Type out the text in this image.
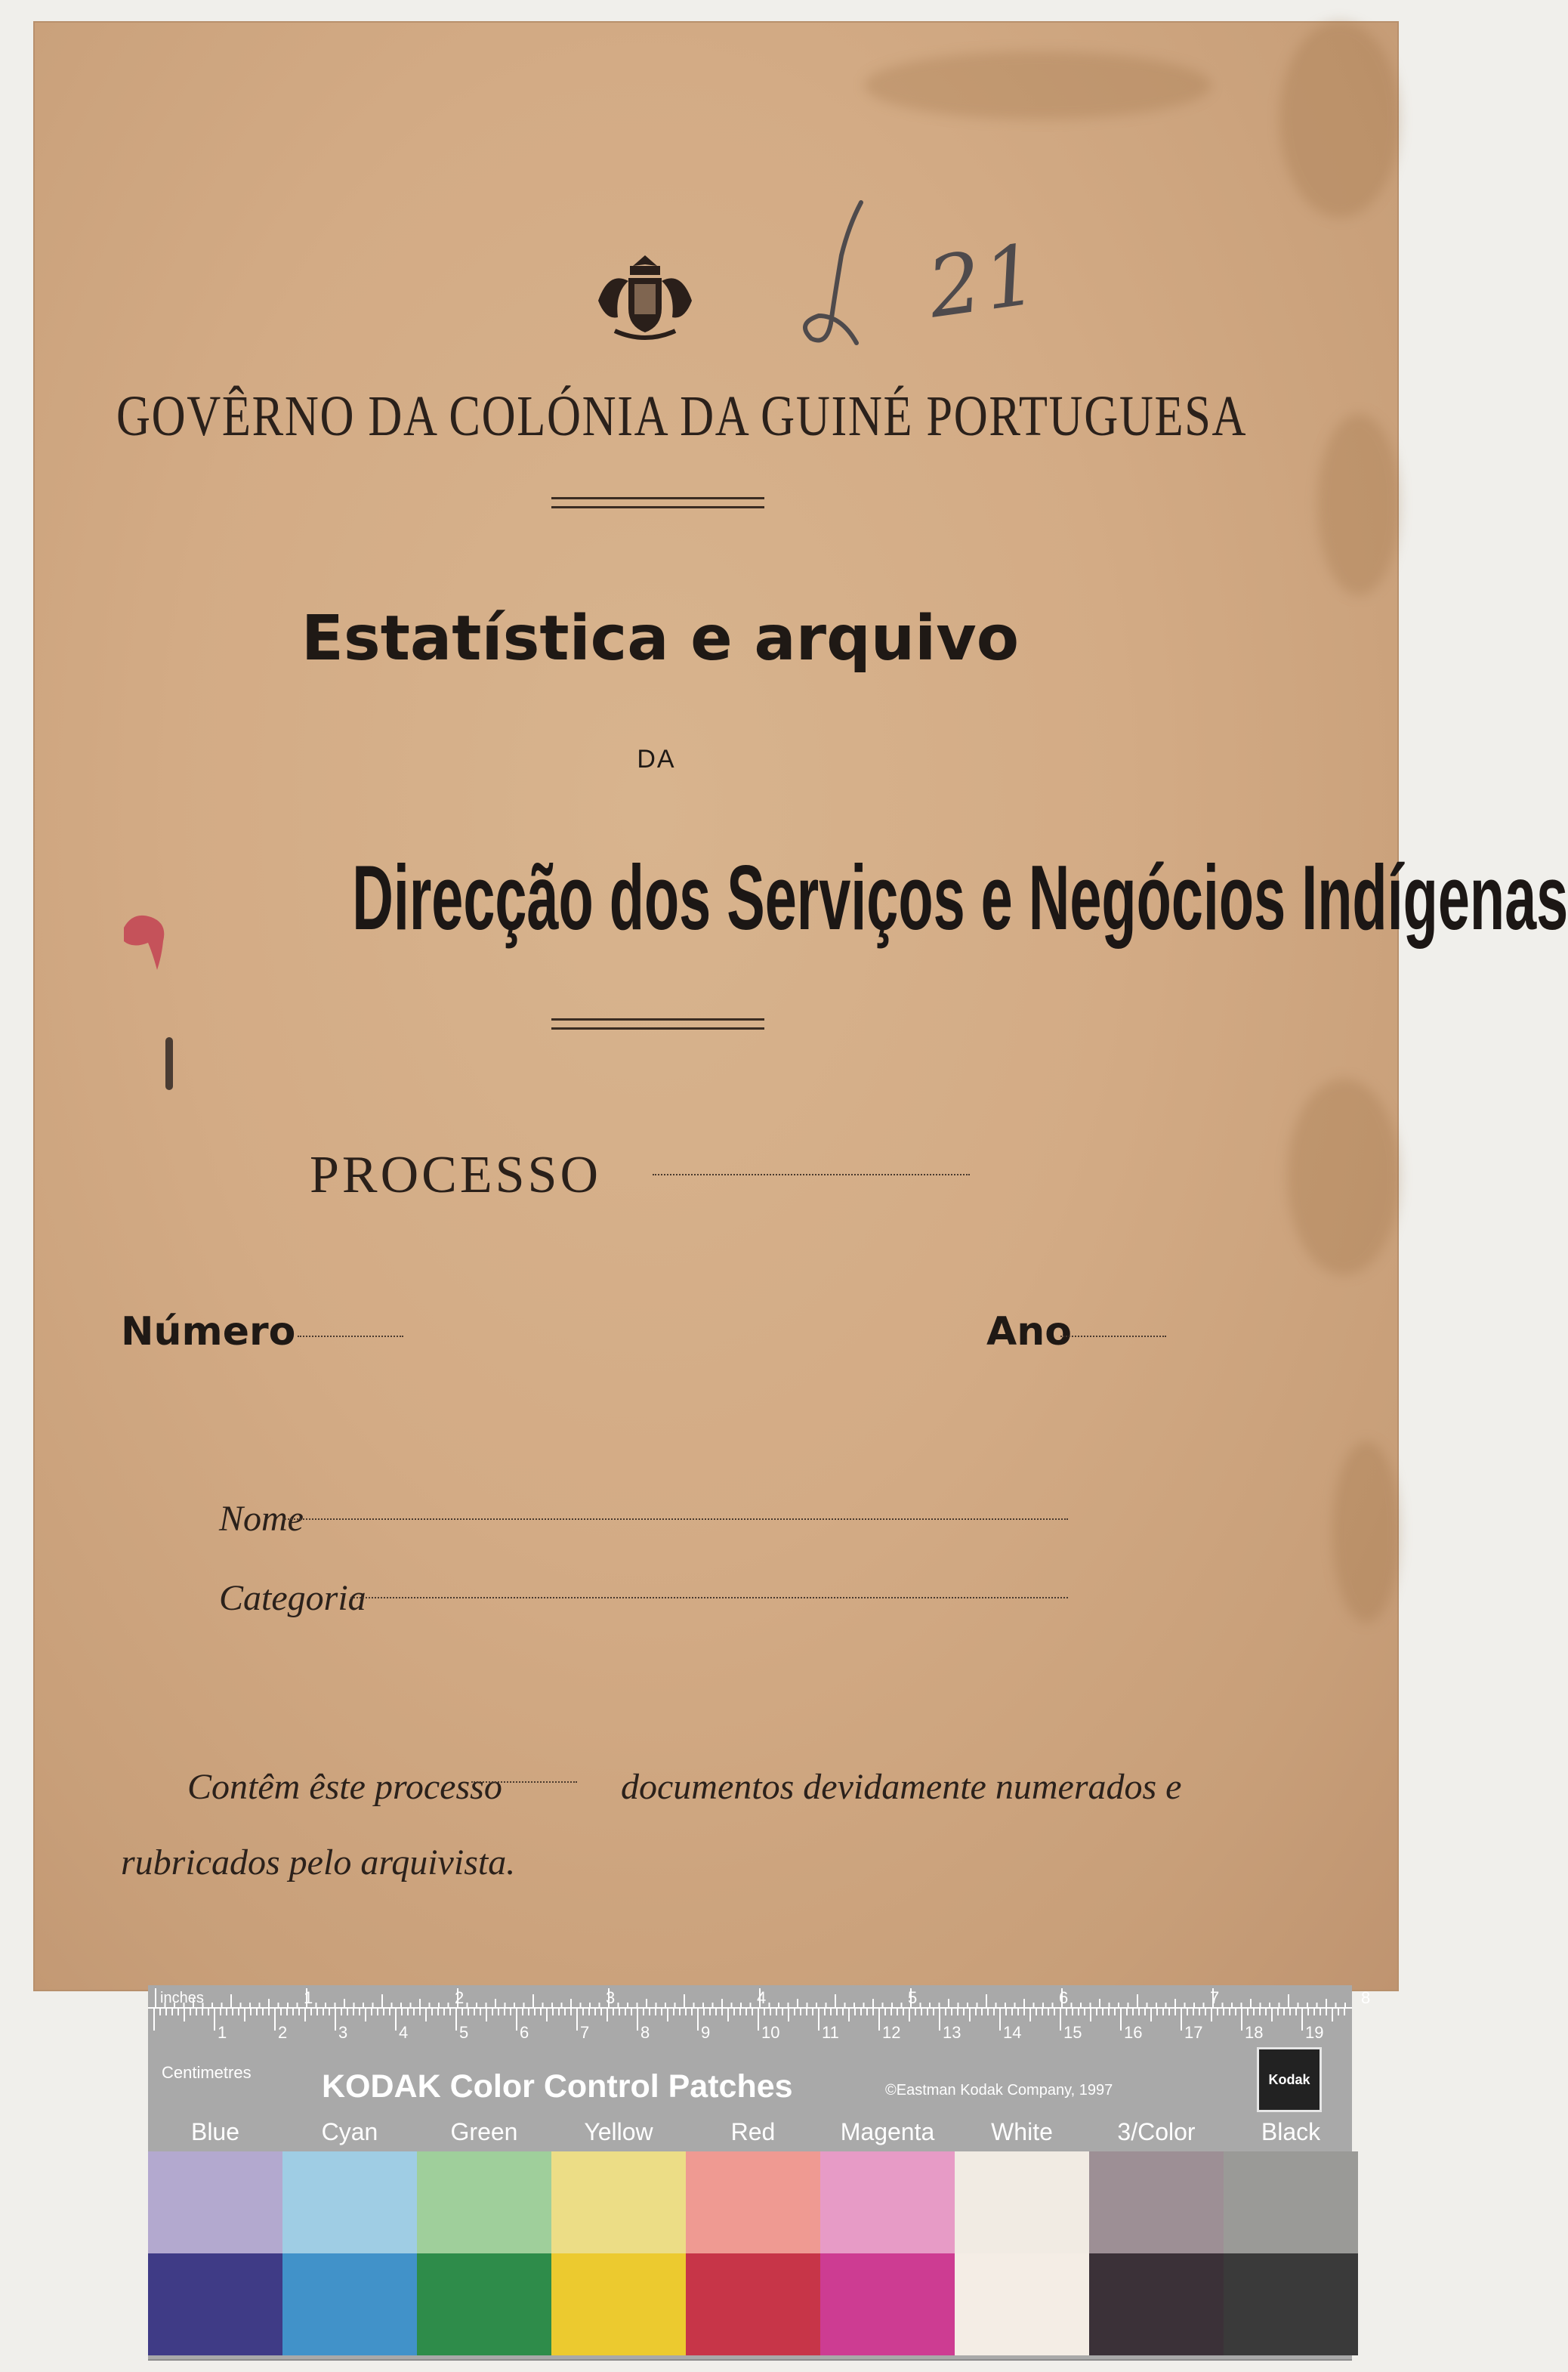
21
GOVÊRNO DA COLÓNIA DA GUINÉ PORTUGUESA
Estatística e arquivo
DA
Direcção dos Serviços e Negócios Indígenas
PROCESSO
Número	Ano
Nome
Categoria
Contêm êste processo	documentos devidamente numerados e
rubricados pelo arquivista.
1	2	3	4	5	6	7	8
1	2	3	4	5	6	7	8	9	10	11	12	13	14	15	16	17	18	19
inches
Centimetres KODAK Color Control Patches	©Eastman Kodak Company, 1997
Kodak
Blue	Cyan	Green	Yellow	Red	Magenta	White	3/Color	Black
